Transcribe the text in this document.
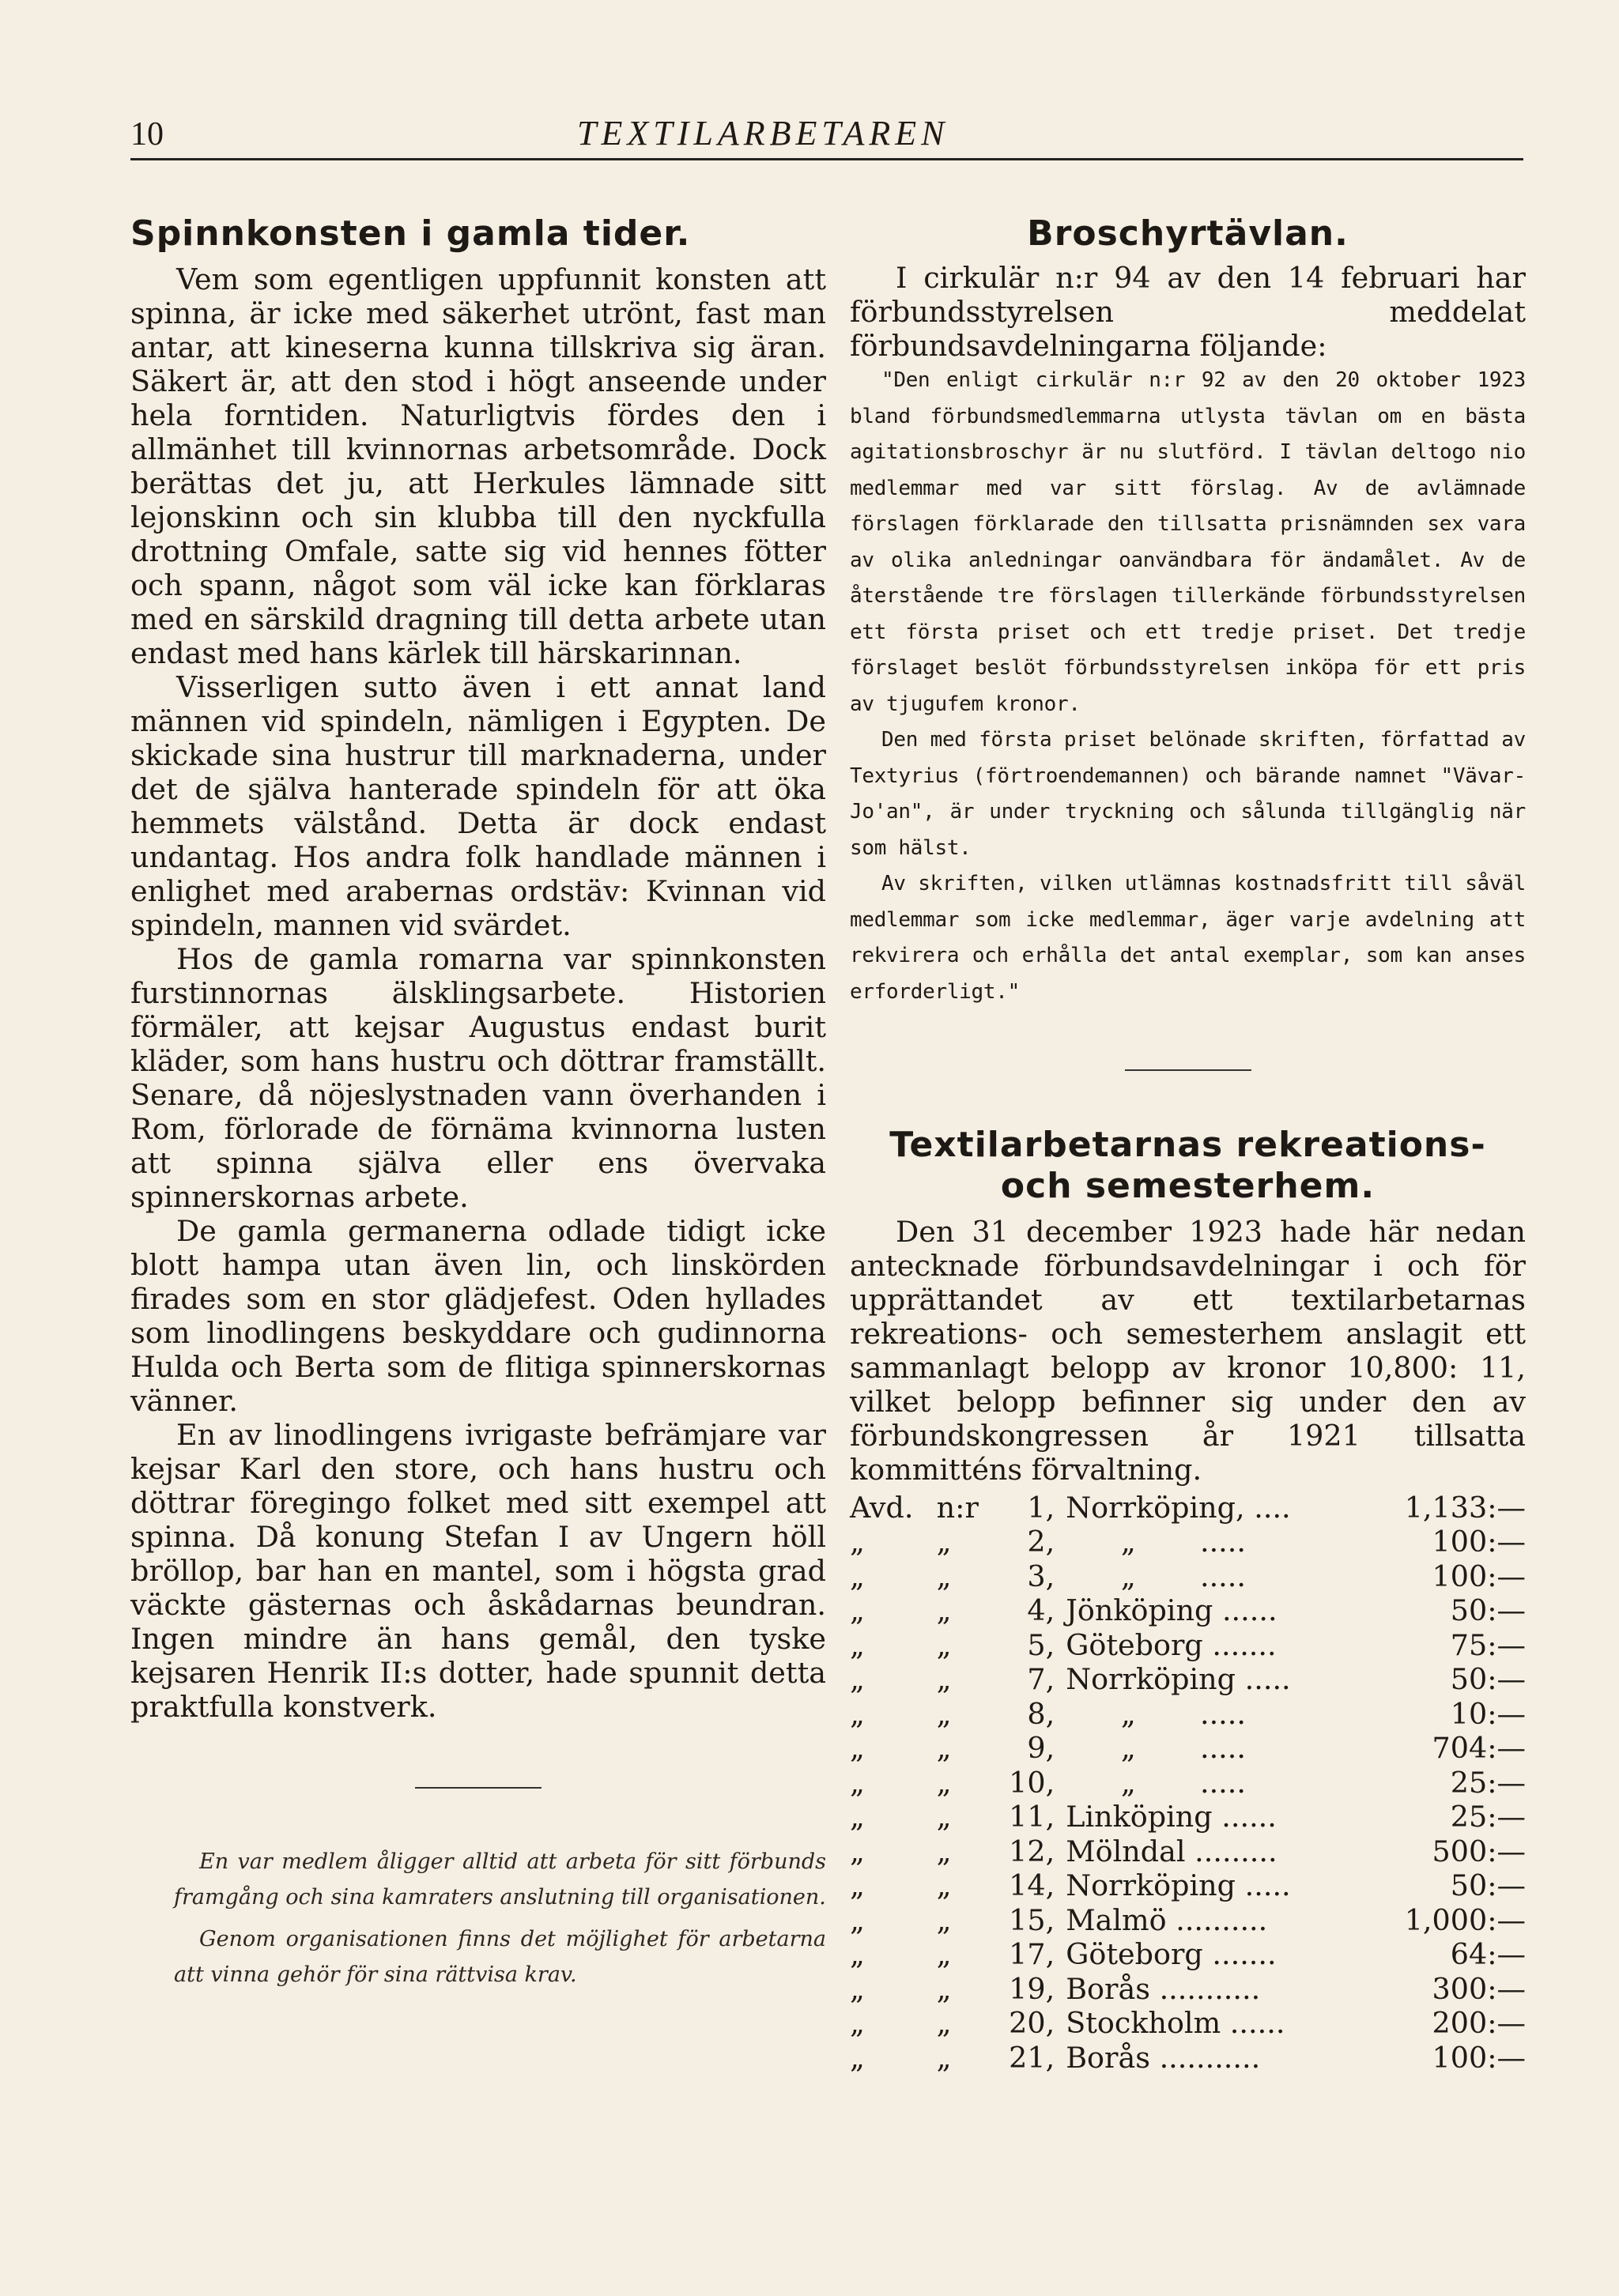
10	TEXTILARBETAREN
Spinnkonsten i gamla tider.

Vem som egentligen uppfunnit konsten att spinna, är icke med säkerhet utrönt, fast man antar, att kineserna kunna tillskriva sig äran. Säkert är, att den stod i högt anseende under hela forntiden. Naturligtvis fördes den i allmänhet till kvinnornas arbetsområde. Dock berättas det ju, att Herkules lämnade sitt lejonskinn och sin klubba till den nyckfulla drottning Omfale, satte sig vid hennes fötter och spann, något som väl icke kan förklaras med en särskild dragning till detta arbete utan endast med hans kärlek till härskarinnan.

Visserligen sutto även i ett annat land männen vid spindeln, nämligen i Egypten. De skickade sina hustrur till marknaderna, under det de själva hanterade spindeln för att öka hemmets välstånd. Detta är dock endast undantag. Hos andra folk handlade männen i enlighet med arabernas ordstäv: Kvinnan vid spindeln, mannen vid svärdet.

Hos de gamla romarna var spinnkonsten furstinnornas älsklingsarbete. Historien förmäler, att kejsar Augustus endast burit kläder, som hans hustru och döttrar framställt. Senare, då nöjeslystnaden vann överhanden i Rom, förlorade de förnäma kvinnorna lusten att spinna själva eller ens övervaka spinnerskornas arbete.

De gamla germanerna odlade tidigt icke blott hampa utan även lin, och linskörden firades som en stor glädjefest. Oden hyllades som linodlingens beskyddare och gudinnorna Hulda och Berta som de flitiga spinnerskornas vänner.

En av linodlingens ivrigaste befrämjare var kejsar Karl den store, och hans hustru och döttrar föregingo folket med sitt exempel att spinna. Då konung Stefan I av Ungern höll bröllop, bar han en mantel, som i högsta grad väckte gästernas och åskådarnas beundran. Ingen mindre än hans gemål, den tyske kejsaren Henrik II:s dotter, hade spunnit detta praktfulla konstverk.

En var medlem åligger alltid att arbeta för sitt förbunds framgång och sina kamraters anslutning till organisationen.

Genom organisationen finns det möjlighet för arbetarna att vinna gehör för sina rättvisa krav.

Broschyrtävlan.

I cirkulär n:r 94 av den 14 februari har förbundsstyrelsen meddelat förbundsavdelningarna följande:

"Den enligt cirkulär n:r 92 av den 20 oktober 1923 bland förbundsmedlemmarna utlysta tävlan om en bästa agitationsbroschyr är nu slutförd. I tävlan deltogo nio medlemmar med var sitt förslag. Av de avlämnade förslagen förklarade den tillsatta prisnämnden sex vara av olika anledningar oanvändbara för ändamålet. Av de återstående tre förslagen tillerkände förbundsstyrelsen ett första priset och ett tredje priset. Det tredje förslaget beslöt förbundsstyrelsen inköpa för ett pris av tjugufem kronor.

Den med första priset belönade skriften, författad av Textyrius (förtroendemannen) och bärande namnet "Vävar-Jo'an", är under tryckning och sålunda tillgänglig när som hälst.

Av skriften, vilken utlämnas kostnadsfritt till såväl medlemmar som icke medlemmar, äger varje avdelning att rekvirera och erhålla det antal exemplar, som kan anses erforderligt."

Textilarbetarnas rekreations- och semesterhem.

Den 31 december 1923 hade här nedan antecknade förbundsavdelningar i och för upprättandet av ett textilarbetarnas rekreations- och semesterhem anslagit ett sammanlagt belopp av kronor 10,800: 11, vilket belopp befinner sig under den av förbundskongressen år 1921 tillsatta kommitténs förvaltning.

Avd.	n:r	1,	Norrköping, ....	1,133:—
„	„	2,	„       .....	100:—
„	„	3,	„       .....	100:—
„	„	4,	Jönköping ......	50:—
„	„	5,	Göteborg .......	75:—
„	„	7,	Norrköping .....	50:—
„	„	8,	„       .....	10:—
„	„	9,	„       .....	704:—
„	„	10,	„       .....	25:—
„	„	11,	Linköping ......	25:—
„	„	12,	Mölndal .........	500:—
„	„	14,	Norrköping .....	50:—
„	„	15,	Malmö ..........	1,000:—
„	„	17,	Göteborg .......	64:—
„	„	19,	Borås ...........	300:—
„	„	20,	Stockholm ......	200:—
„	„	21,	Borås ...........	100:—
